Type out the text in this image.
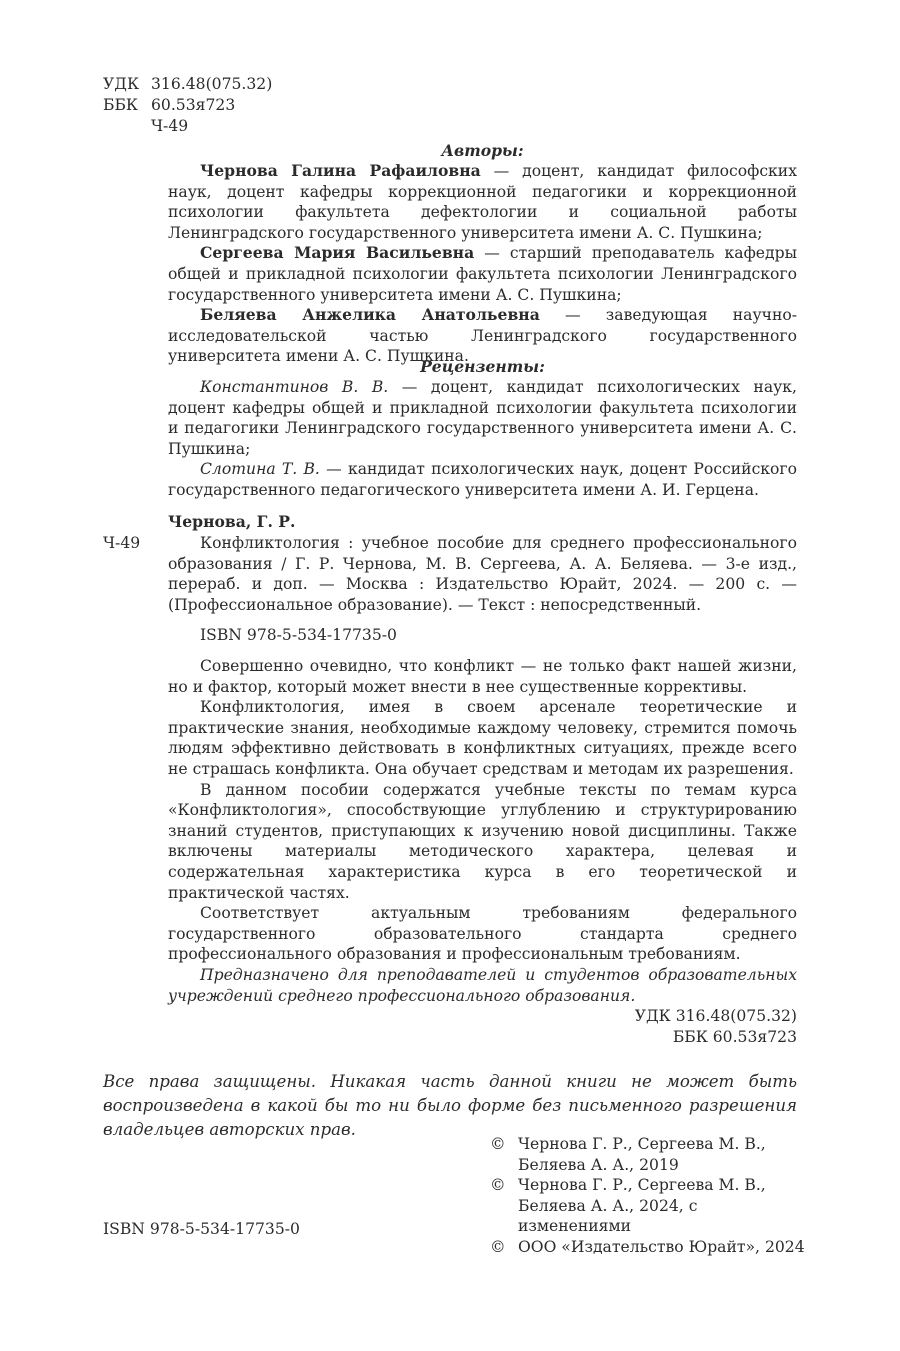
УДК 316.48(075.32)
ББК 60.53я723
Ч-49
Авторы:
Чернова Галина Рафаиловна — доцент, кандидат философских наук, доцент кафедры коррекционной педагогики и коррекционной психологии факультета дефектологии и социальной работы Ленинградского государственного университета имени А. С. Пушкина;
Сергеева Мария Васильевна — старший преподаватель кафедры общей и прикладной психологии факультета психологии Ленинградского государственного университета имени А. С. Пушкина;
Беляева Анжелика Анатольевна — заведующая научно-исследовательской частью Ленинградского государственного университета имени А. С. Пушкина.
Рецензенты:
Константинов В. В. — доцент, кандидат психологических наук, доцент кафедры общей и прикладной психологии факультета психологии и педагогики Ленинградского государственного университета имени А. С. Пушкина;
Слотина Т. В. — кандидат психологических наук, доцент Российского государственного педагогического университета имени А. И. Герцена.
Чернова, Г. Р.
Ч-49	Конфликтология : учебное пособие для среднего профессионального образования / Г. Р. Чернова, М. В. Сергеева, А. А. Беляева. — 3-е изд., перераб. и доп. — Москва : Издательство Юрайт, 2024. — 200 с. — (Профессиональное образование). — Текст : непосредственный.
ISBN 978-5-534-17735-0
Совершенно очевидно, что конфликт — не только факт нашей жизни, но и фактор, который может внести в нее существенные коррективы.
Конфликтология, имея в своем арсенале теоретические и практические знания, необходимые каждому человеку, стремится помочь людям эффективно действовать в конфликтных ситуациях, прежде всего не страшась конфликта. Она обучает средствам и методам их разрешения.
В данном пособии содержатся учебные тексты по темам курса «Конфликтология», способствующие углублению и структурированию знаний студентов, приступающих к изучению новой дисциплины. Также включены материалы методического характера, целевая и содержательная характеристика курса в его теоретической и практической частях.
Соответствует актуальным требованиям федерального государственного образовательного стандарта среднего профессионального образования и профессиональным требованиям.
Предназначено для преподавателей и студентов образовательных учреждений среднего профессионального образования.
УДК 316.48(075.32)
ББК 60.53я723
Все права защищены. Никакая часть данной книги не может быть воспроизведена в какой бы то ни было форме без письменного разрешения владельцев авторских прав.
© Чернова Г. Р., Сергеева М. В., Беляева А. А., 2019
© Чернова Г. Р., Сергеева М. В., Беляева А. А., 2024, с изменениями
© ООО «Издательство Юрайт», 2024
ISBN 978-5-534-17735-0
